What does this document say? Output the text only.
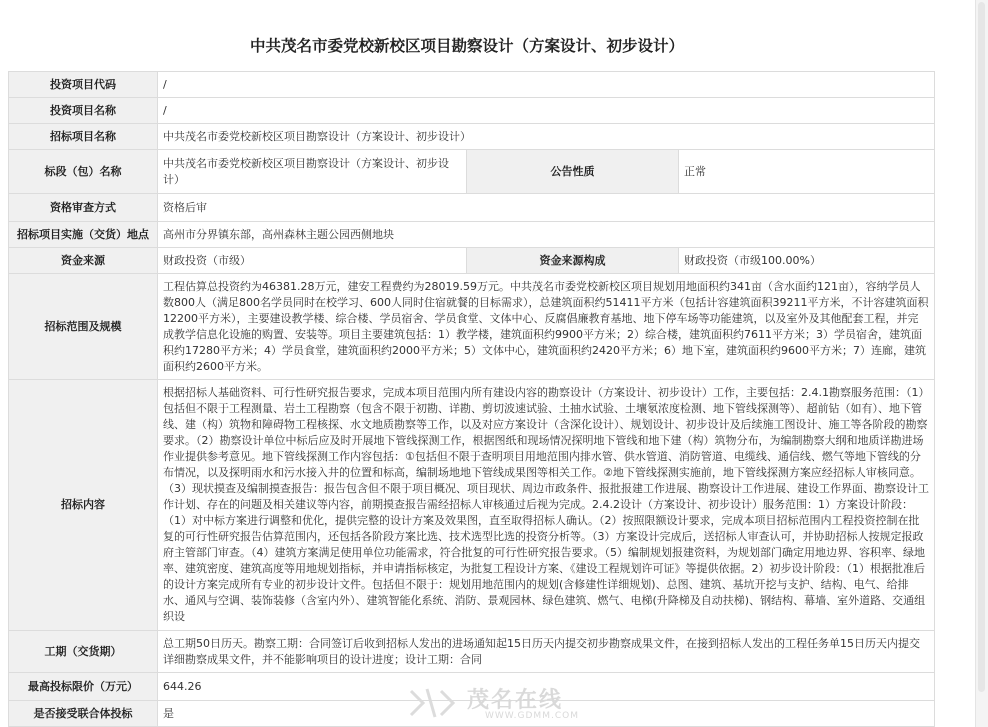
中共茂名市委党校新校区项目勘察设计（方案设计、初步设计）
投资项目代码	/		
投资项目名称	/		
招标项目名称	中共茂名市委党校新校区项目勘察设计（方案设计、初步设计）		
标段（包）名称	中共茂名市委党校新校区项目勘察设计（方案设计、初步设计）	公告性质	正常
资格审查方式	资格后审		
招标项目实施（交货）地点	高州市分界镇东部，高州森林主题公园西侧地块		
资金来源	财政投资（市级）	资金来源构成	财政投资（市级100.00%）
招标范围及规模	工程估算总投资约为46381.28万元，建安工程费约为28019.59万元。中共茂名市委党校新校区项目规划用地面积约341亩（含水面约121亩），容纳学员人数800人（满足800名学员同时在校学习、600人同时住宿就餐的目标需求），总建筑面积约51411平方米（包括计容建筑面积39211平方米，不计容建筑面积12200平方米），主要建设教学楼、综合楼、学员宿舍、学员食堂、文体中心、反腐倡廉教育基地、地下停车场等功能建筑，以及室外及其他配套工程，并完成教学信息化设施的购置、安装等。项目主要建筑包括：1）教学楼，建筑面积约9900平方米；2）综合楼，建筑面积约7611平方米；3）学员宿舍，建筑面积约17280平方米；4）学员食堂，建筑面积约2000平方米；5）文体中心，建筑面积约2420平方米；6）地下室，建筑面积约9600平方米；7）连廊，建筑面积约2600平方米。		
招标内容	根据招标人基础资料、可行性研究报告要求，完成本项目范围内所有建设内容的勘察设计（方案设计、初步设计）工作，主要包括：2.4.1勘察服务范围：（1）包括但不限于工程测量、岩土工程勘察（包含不限于初勘、详勘、剪切波速试验、土抽水试验、土壤氡浓度检测、地下管线探测等）、超前钻（如有）、地下管线、建（构）筑物和障碍物工程核探、水文地质勘察等工作，以及对应方案设计（含深化设计）、规划设计、初步设计及后续施工图设计、施工等各阶段的勘察要求。（2）勘察设计单位中标后应及时开展地下管线探测工作，根据图纸和现场情况探明地下管线和地下建（构）筑物分布，为编制勘察大纲和地质详勘进场作业提供参考意见。地下管线探测工作内容包括：①包括但不限于查明项目用地范围内排水管、供水管道、消防管道、电缆线、通信线、燃气等地下管线的分布情况，以及探明雨水和污水接入井的位置和标高，编制场地地下管线成果图等相关工作。②地下管线探测实施前，地下管线探测方案应经招标人审核同意。（3）现状摸查及编制摸查报告：报告包含但不限于项目概况、项目现状、周边市政条件、报批报建工作进展、勘察设计工作进展、建设工作界面、勘察设计工作计划、存在的问题及相关建议等内容，前期摸查报告需经招标人审核通过后视为完成。2.4.2设计（方案设计、初步设计）服务范围：1）方案设计阶段：（1）对中标方案进行调整和优化，提供完整的设计方案及效果图，直至取得招标人确认。（2）按照限额设计要求，完成本项目招标范围内工程投资控制在批复的可行性研究报告估算范围内，还包括各阶段方案比选、技术选型比选的投资分析等。（3）方案设计完成后，送招标人审查认可，并协助招标人按规定报政府主管部门审查。（4）建筑方案满足使用单位功能需求，符合批复的可行性研究报告要求。（5）编制规划报建资料，为规划部门确定用地边界、容积率、绿地率、建筑密度、建筑高度等用地规划指标，并申请指标核定，为批复工程设计方案、《建设工程规划许可证》等提供依据。2）初步设计阶段：（1）根据批准后的设计方案完成所有专业的初步设计文件。包括但不限于：规划用地范围内的规划(含修建性详细规划)、总图、建筑、基坑开挖与支护、结构、电气、给排水、通风与空调、装饰装修（含室内外）、建筑智能化系统、消防、景观园林、绿色建筑、燃气、电梯(升降梯及自动扶梯)、钢结构、幕墙、室外道路、交通组织设		
工期（交货期）	总工期50日历天。勘察工期：合同签订后收到招标人发出的进场通知起15日历天内提交初步勘察成果文件，在接到招标人发出的工程任务单15日历天内提交详细勘察成果文件，并不能影响项目的设计进度；设计工期：合同		
最高投标限价（万元）	644.26		
是否接受联合体投标	是			茂名在线
WWW.GDMM.COM
